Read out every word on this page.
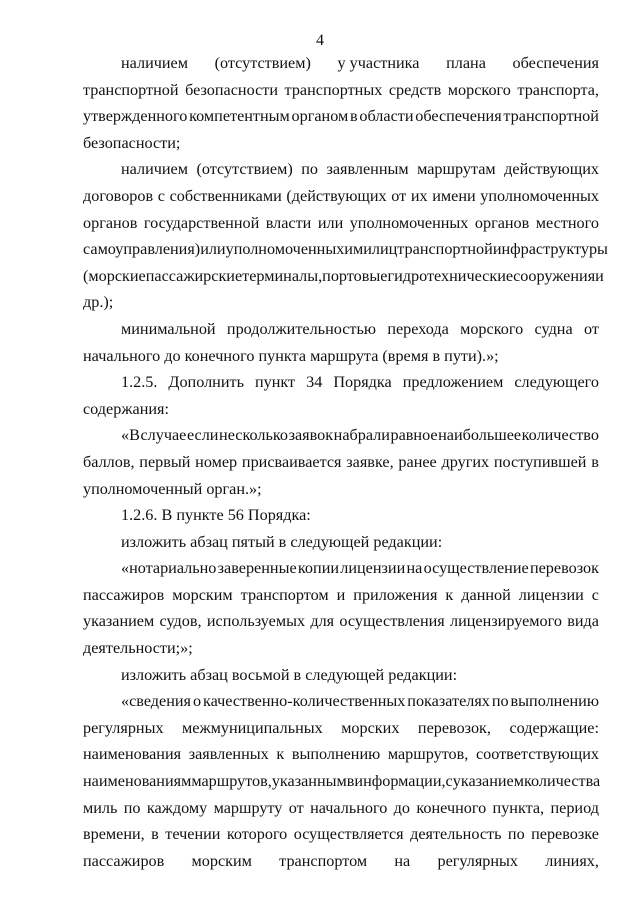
4
наличием (отсутствием) у участника плана обеспечения
транспортной безопасности транспортных средств морского транспорта,
утвержденного компетентным органом в области обеспечения транспортной
безопасности;
наличием (отсутствием) по заявленным маршрутам действующих
договоров с собственниками (действующих от их имени уполномоченных
органов государственной власти или уполномоченных органов местного
самоуправления) или уполномоченных ими лиц транспортной инфраструктуры
(морские пассажирские терминалы, портовые гидротехнические сооружения и
др.);
минимальной продолжительностью перехода морского судна от
начального до конечного пункта маршрута (время в пути).»;
1.2.5. Дополнить пункт 34 Порядка предложением следующего
содержания:
«В случае если несколько заявок набрали равное наибольшее количество
баллов, первый номер присваивается заявке, ранее других поступившей в
уполномоченный орган.»;
1.2.6. В пункте 56 Порядка:
изложить абзац пятый в следующей редакции:
«нотариально заверенные копии лицензии на осуществление перевозок
пассажиров морским транспортом и приложения к данной лицензии с
указанием судов, используемых для осуществления лицензируемого вида
деятельности;»;
изложить абзац восьмой в следующей редакции:
«сведения о качественно-количественных показателях по выполнению
регулярных межмуниципальных морских перевозок, содержащие:
наименования заявленных к выполнению маршрутов, соответствующих
наименованиям маршрутов, указанным в информации, с указанием количества
миль по каждому маршруту от начального до конечного пункта, период
времени, в течении которого осуществляется деятельность по перевозке
пассажиров морским транспортом на регулярных линиях,
